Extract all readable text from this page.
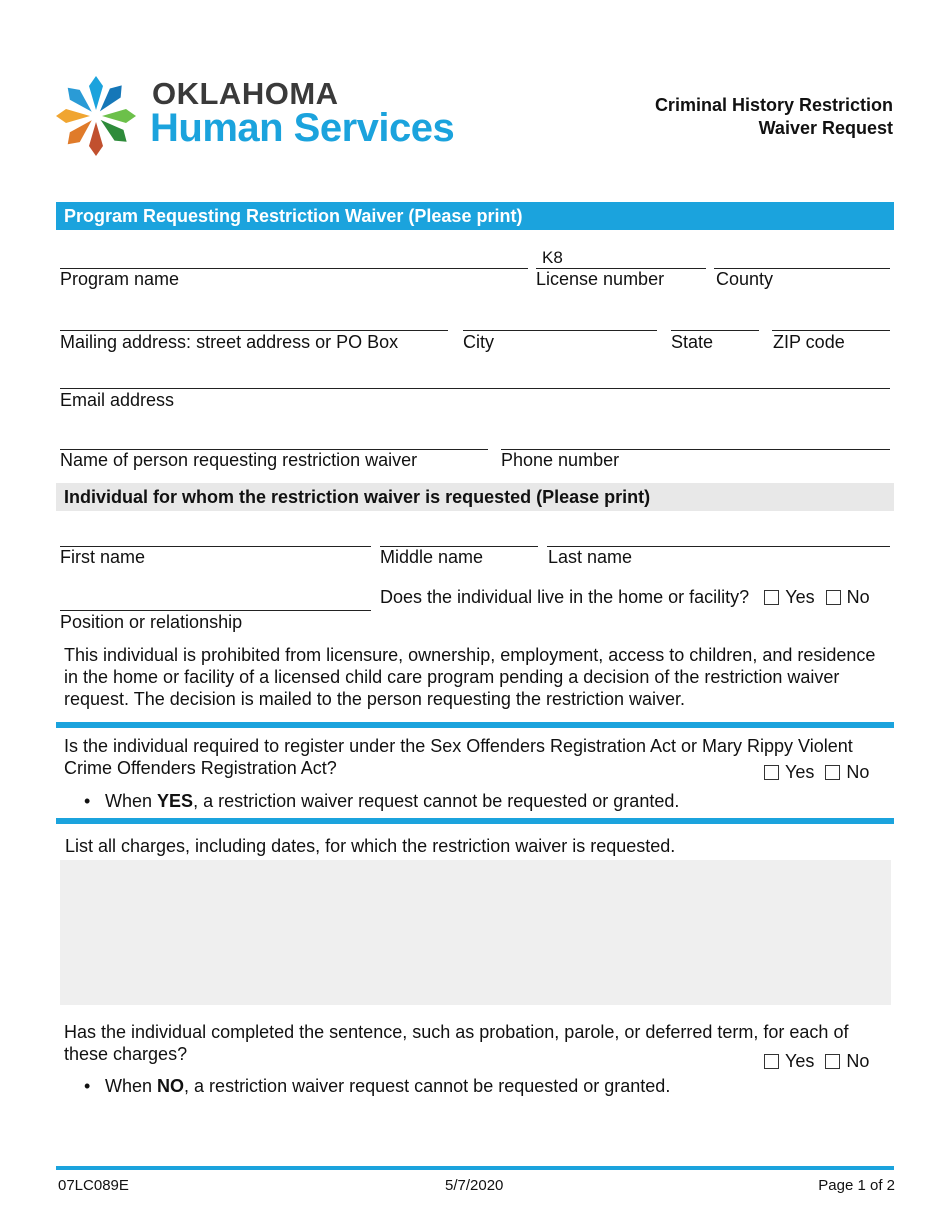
OKLAHOMA
Human Services
Criminal History Restriction
Waiver Request
Program Requesting Restriction Waiver (Please print)
Program name
K8
License number	County
Mailing address: street address or PO Box	City	State	ZIP code
Email address
Name of person requesting restriction waiver	Phone number
Individual for whom the restriction waiver is requested (Please print)
First name	Middle name	Last name
Does the individual live in the home or facility? Yes No
Position or relationship
This individual is prohibited from licensure, ownership, employment, access to children, and residence in the home or facility of a licensed child care program pending a decision of the restriction waiver request. The decision is mailed to the person requesting the restriction waiver.
Is the individual required to register under the Sex Offenders Registration Act or Mary Rippy Violent Crime Offenders Registration Act?	Yes No
• When YES, a restriction waiver request cannot be requested or granted.
List all charges, including dates, for which the restriction waiver is requested.
Has the individual completed the sentence, such as probation, parole, or deferred term, for each of these charges?	Yes No
• When NO, a restriction waiver request cannot be requested or granted.
07LC089E	5/7/2020	Page 1 of 2
